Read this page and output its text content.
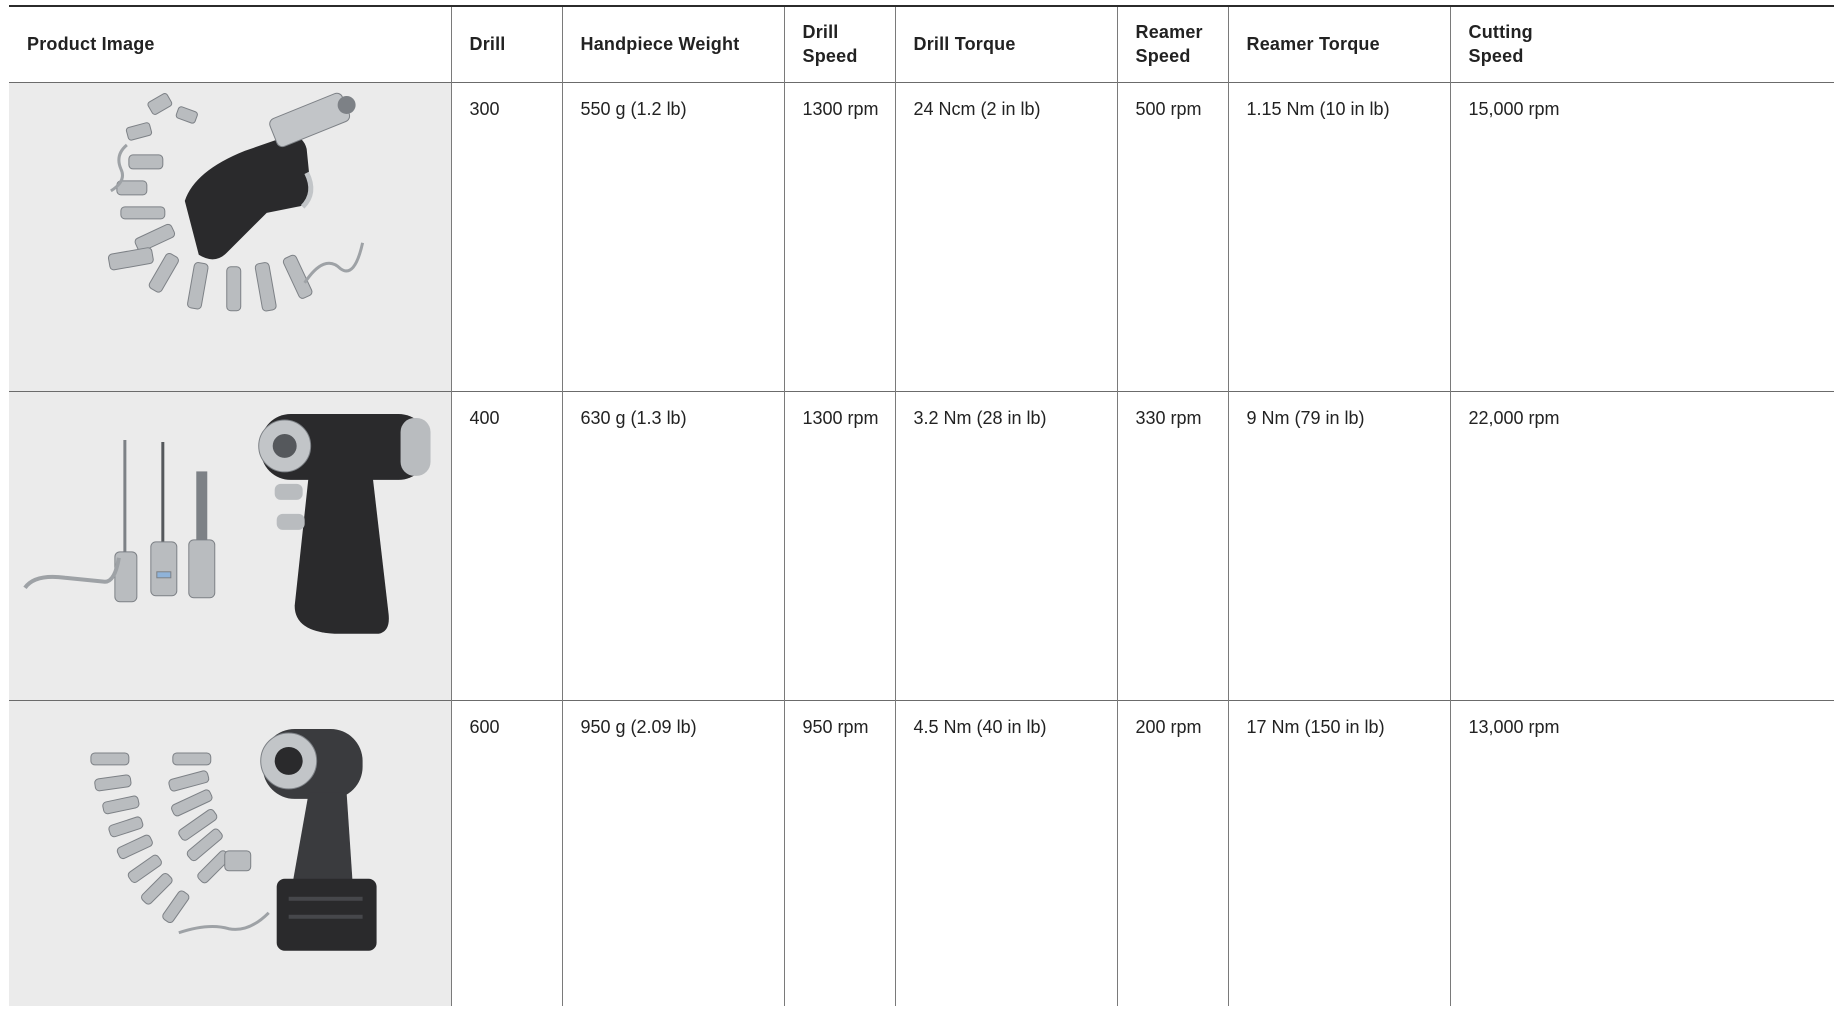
Product Image	Drill	Handpiece Weight	Drill Speed	Drill Torque	Reamer Speed	Reamer Torque	Cutting Speed

	300	550 g (1.2 lb)	1300 rpm	24 Ncm (2 in lb)	500 rpm	1.15 Nm (10 in lb)	15,000 rpm

	400	630 g (1.3 lb)	1300 rpm	3.2 Nm (28 in lb)	330 rpm	9 Nm (79 in lb)	22,000 rpm

	600	950 g (2.09 lb)	950 rpm	4.5 Nm (40 in lb)	200 rpm	17 Nm (150 in lb)	13,000 rpm
